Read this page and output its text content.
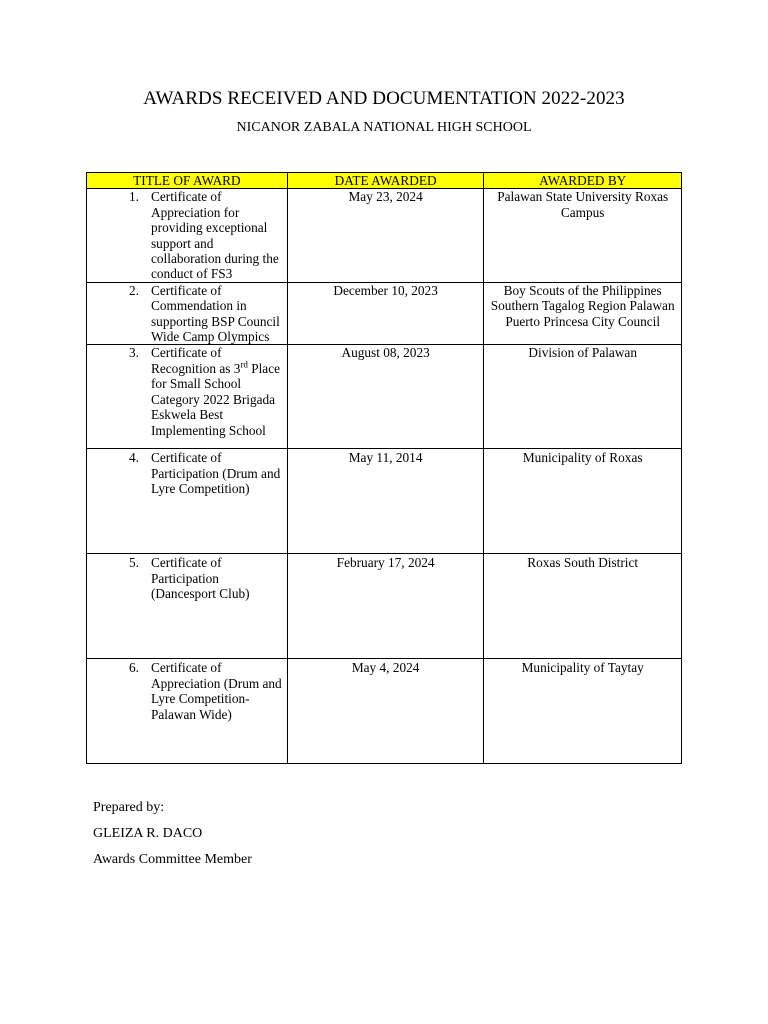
AWARDS RECEIVED AND DOCUMENTATION 2022-2023
NICANOR ZABALA NATIONAL HIGH SCHOOL
TITLE OF AWARD	DATE AWARDED	AWARDED BY

1. Certificate of Appreciation for providing exceptional support and collaboration during the conduct of FS3	May 23, 2024	Palawan State University Roxas Campus

2. Certificate of Commendation in supporting BSP Council Wide Camp Olympics	December 10, 2023	Boy Scouts of the Philippines Southern Tagalog Region Palawan Puerto Princesa City Council

3. Certificate of Recognition as 3rd Place for Small School Category 2022 Brigada Eskwela Best Implementing School	August 08, 2023	Division of Palawan

4. Certificate of Participation (Drum and Lyre Competition)	May 11, 2014	Municipality of Roxas

5. Certificate of Participation (Dancesport Club)	February 17, 2024	Roxas South District

6. Certificate of Appreciation (Drum and Lyre Competition-Palawan Wide)	May 4, 2024	Municipality of Taytay
Prepared by:
GLEIZA R. DACO
Awards Committee Member
